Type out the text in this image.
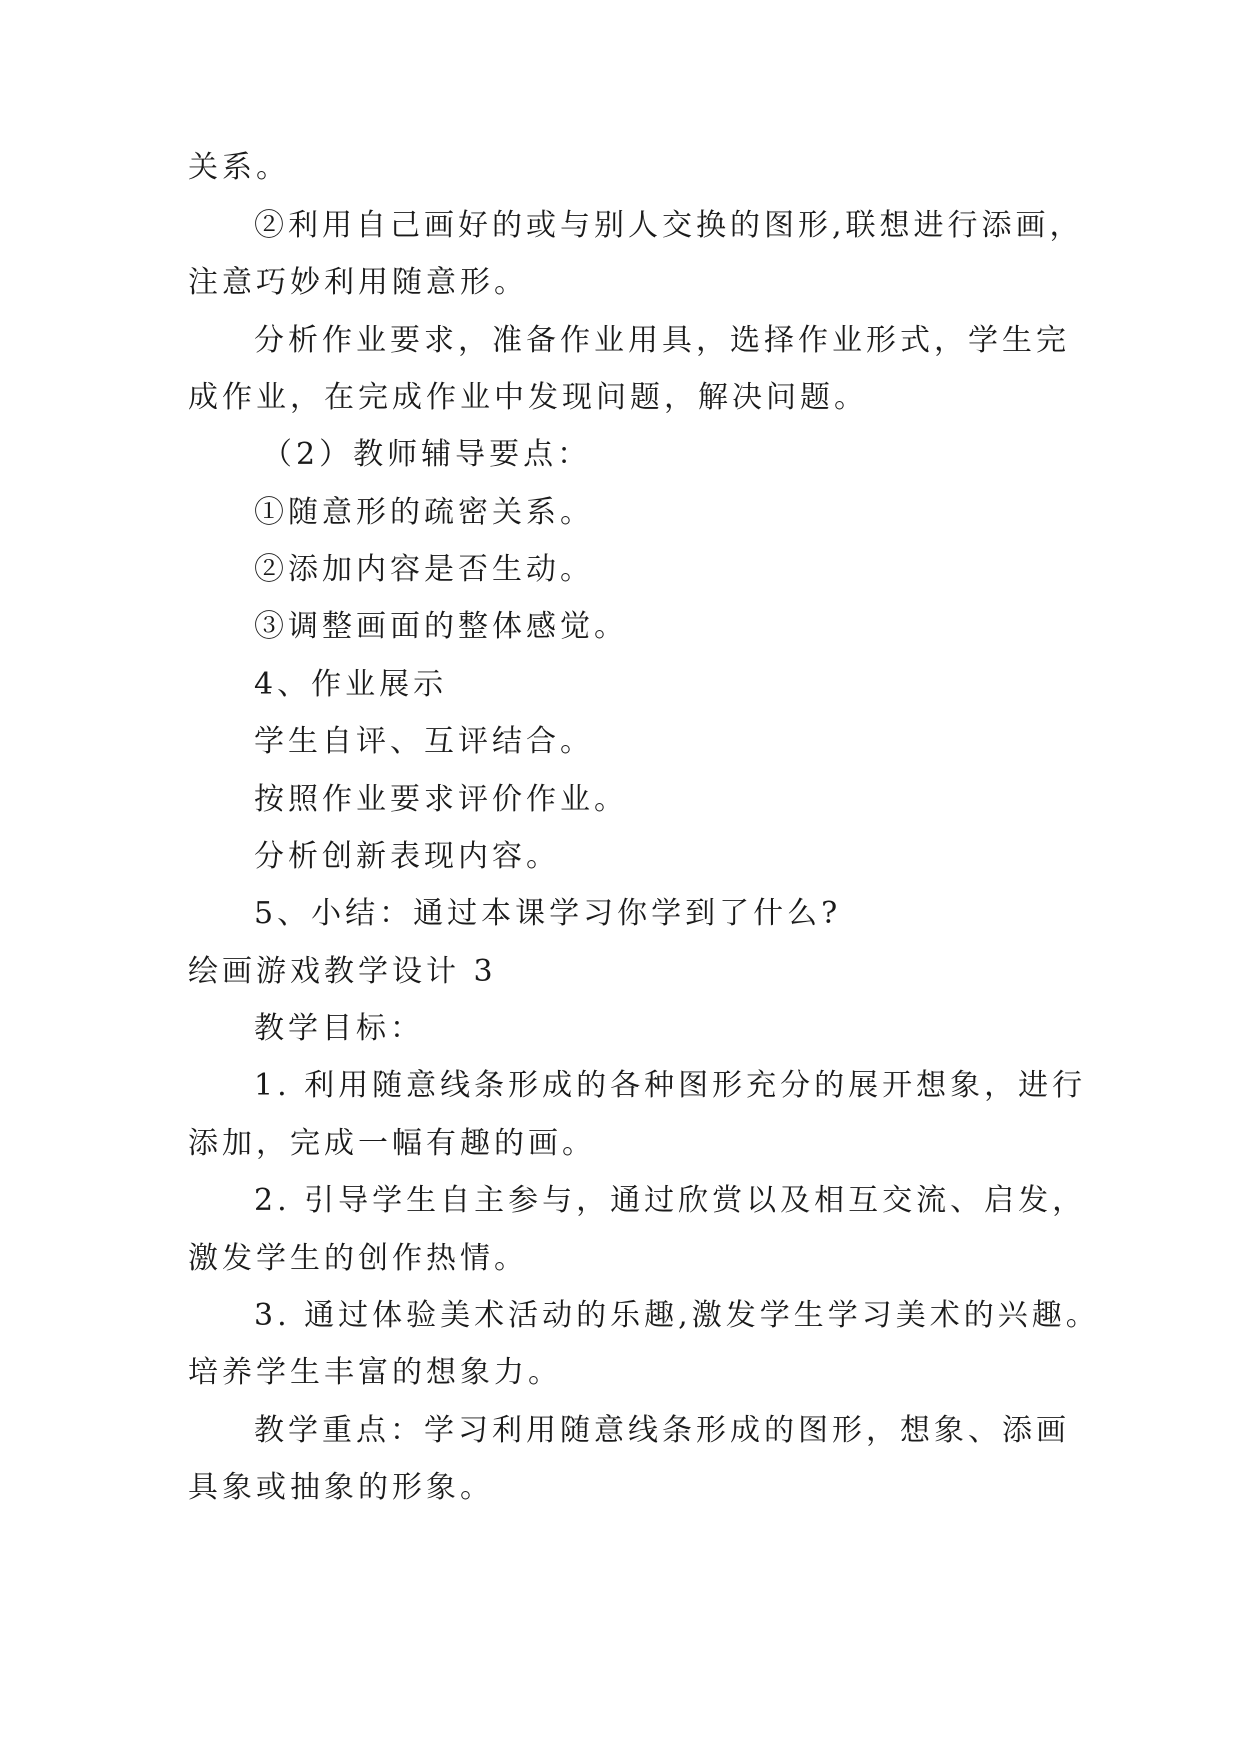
关系。
②利用自己画好的或与别人交换的图形,联想进行添画，
注意巧妙利用随意形。
分析作业要求，准备作业用具，选择作业形式，学生完
成作业，在完成作业中发现问题，解决问题。
（2）教师辅导要点：
①随意形的疏密关系。
②添加内容是否生动。
③调整画面的整体感觉。
4、作业展示
学生自评、互评结合。
按照作业要求评价作业。
分析创新表现内容。
5、小结：通过本课学习你学到了什么?
绘画游戏教学设计 3
教学目标：
1. 利用随意线条形成的各种图形充分的展开想象，进行
添加，完成一幅有趣的画。
2. 引导学生自主参与，通过欣赏以及相互交流、启发，
激发学生的创作热情。
3. 通过体验美术活动的乐趣,激发学生学习美术的兴趣。
培养学生丰富的想象力。
教学重点：学习利用随意线条形成的图形，想象、添画
具象或抽象的形象。
